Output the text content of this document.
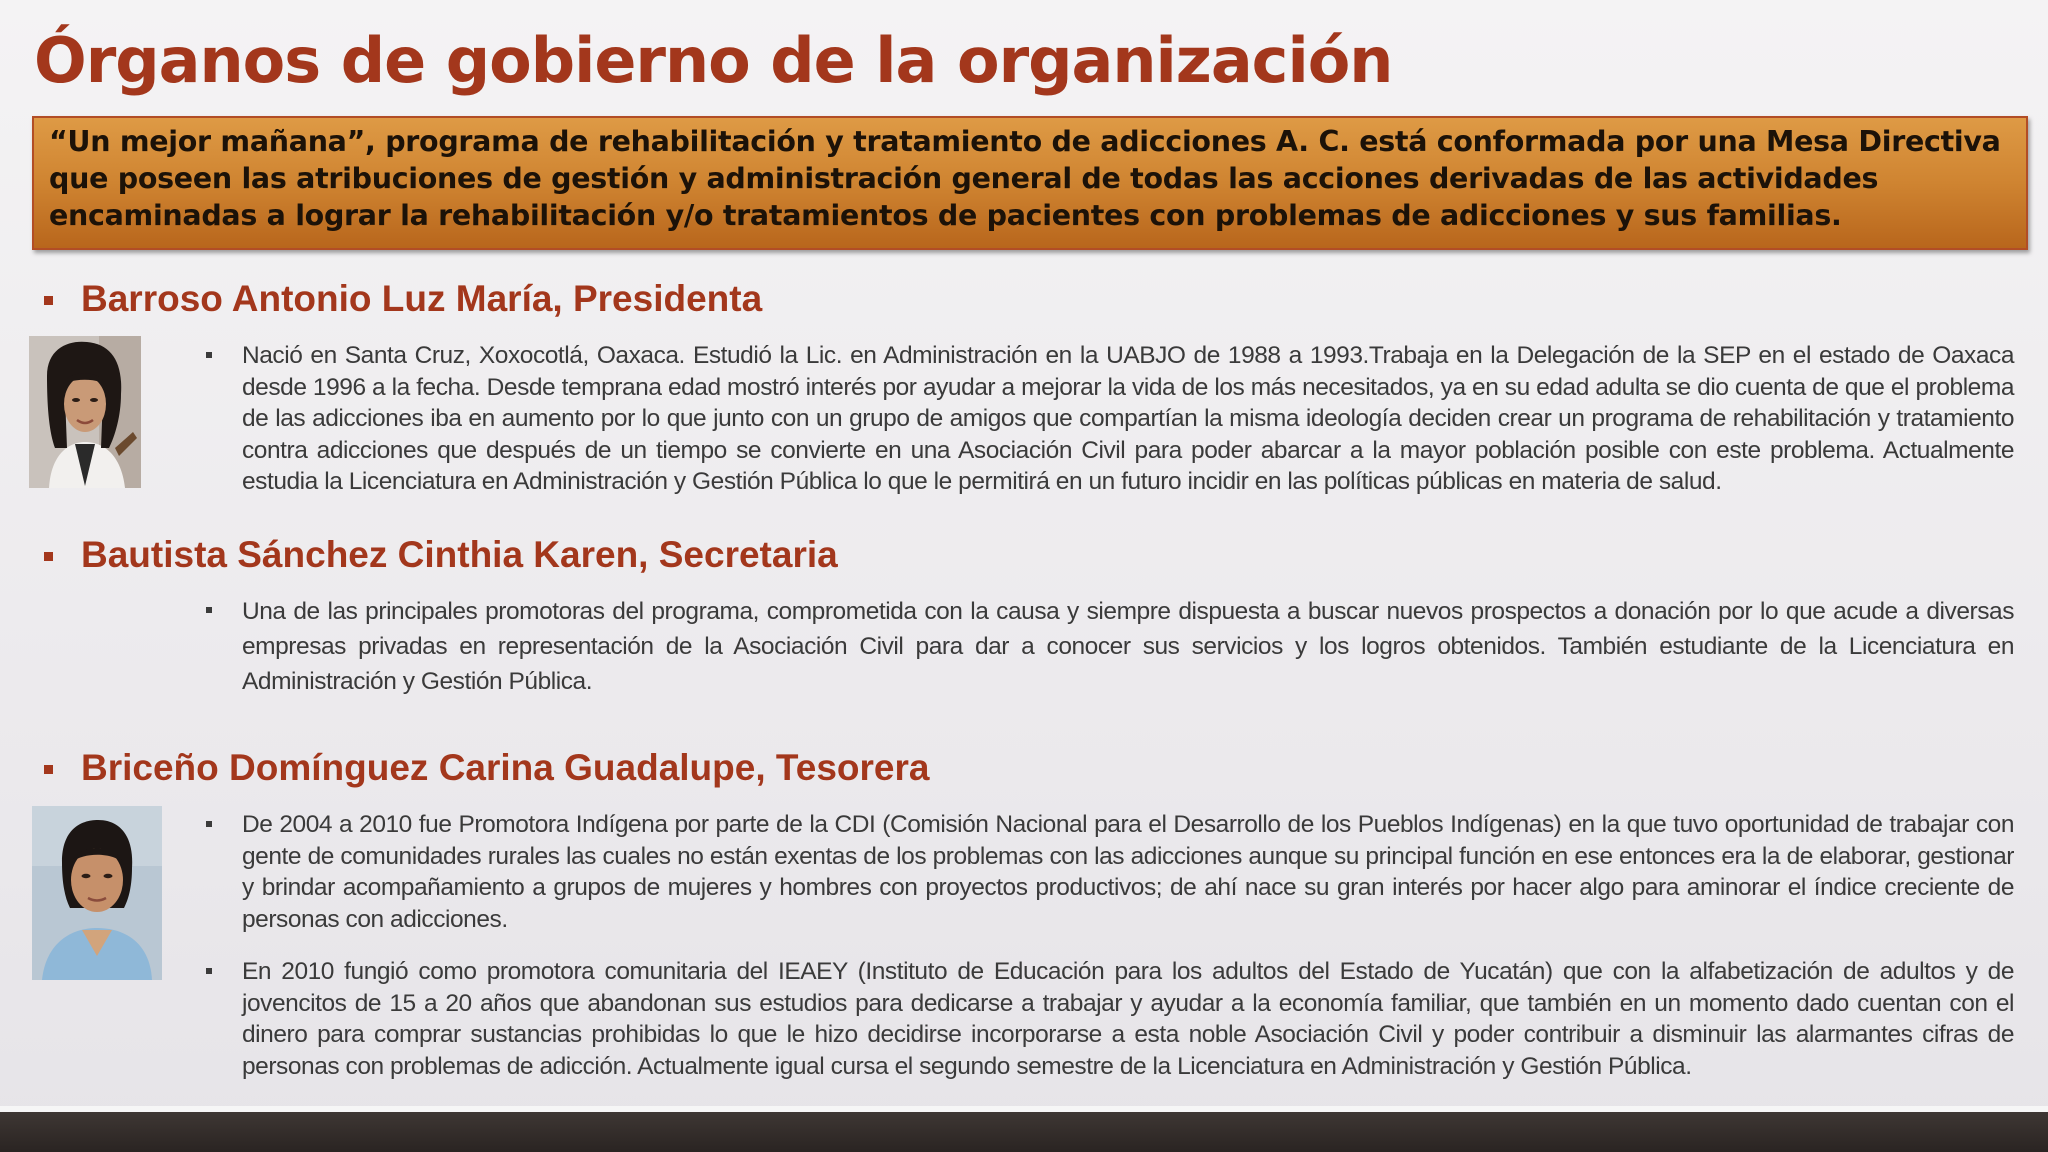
Órganos de gobierno de la organización

“Un mejor mañana”, programa de rehabilitación y tratamiento de adicciones A. C. está conformada por una Mesa Directiva que poseen las atribuciones de gestión y administración general de todas las acciones derivadas de las actividades encaminadas a lograr la rehabilitación y/o tratamientos de pacientes con problemas de adicciones y sus familias.

Barroso Antonio Luz María, Presidenta

Nació en Santa Cruz, Xoxocotlá, Oaxaca. Estudió la Lic. en Administración en la UABJO de 1988 a 1993.Trabaja en la Delegación de la SEP en el estado de Oaxaca desde 1996 a la fecha. Desde temprana edad mostró interés por ayudar a mejorar la vida de los más necesitados, ya en su edad adulta se dio cuenta de que el problema de las adicciones iba en aumento por lo que junto con un grupo de amigos que compartían la misma ideología deciden crear un programa de rehabilitación y tratamiento contra adicciones que después de un tiempo se convierte en una Asociación Civil para poder abarcar a la mayor población posible con este problema. Actualmente estudia la Licenciatura en Administración y Gestión Pública lo que le permitirá en un futuro incidir en las políticas públicas en materia de salud.

Bautista Sánchez Cinthia Karen, Secretaria

Una de las principales promotoras del programa, comprometida con la causa y siempre dispuesta a buscar nuevos prospectos a donación por lo que acude a diversas empresas privadas en representación de la Asociación Civil para dar a conocer sus servicios y los logros obtenidos. También estudiante de la Licenciatura en Administración y Gestión Pública.

Briceño Domínguez Carina Guadalupe, Tesorera

De 2004 a 2010 fue Promotora Indígena por parte de la CDI (Comisión Nacional para el Desarrollo de los Pueblos Indígenas) en la que tuvo oportunidad de trabajar con gente de comunidades rurales las cuales no están exentas de los problemas con las adicciones aunque su principal función en ese entonces era la de elaborar, gestionar y brindar acompañamiento a grupos de mujeres y hombres con proyectos productivos; de ahí nace su gran interés por hacer algo para aminorar el índice creciente de personas con adicciones.

En 2010 fungió como promotora comunitaria del IEAEY (Instituto de Educación para los adultos del Estado de Yucatán) que con la alfabetización de adultos y de jovencitos de 15 a 20 años que abandonan sus estudios para dedicarse a trabajar y ayudar a la economía familiar, que también en un momento dado cuentan con el dinero para comprar sustancias prohibidas lo que le hizo decidirse incorporarse a esta noble Asociación Civil y poder contribuir a disminuir las alarmantes cifras de personas con problemas de adicción. Actualmente igual cursa el segundo semestre de la Licenciatura en Administración y Gestión Pública.
